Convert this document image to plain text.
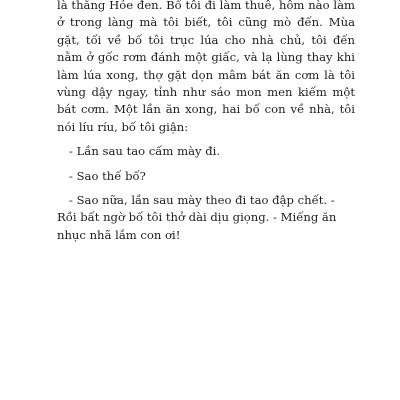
là thằng Hỏe đen. Bố tôi đi làm thuê, hôm nào làm ở trong làng mà tôi biết, tôi cũng mò đến. Mùa gặt, tối về bố tôi trục lúa cho nhà chủ, tôi đến nằm ở gốc rơm đánh một giấc, và lạ lùng thay khi làm lúa xong, thợ gặt dọn mâm bát ăn cơm là tôi vùng dậy ngay, tỉnh như sáo mon men kiếm một bát cơm. Một lần ăn xong, hai bố con về nhà, tôi nói líu ríu, bố tôi giận:

- Lần sau tao cấm mày đi.

- Sao thế bố?

- Sao nữa, lần sau mày theo đi tao đập chết. - Rồi bất ngờ bố tôi thở dài dịu giọng. - Miếng ăn nhục nhã lắm con ơi!
